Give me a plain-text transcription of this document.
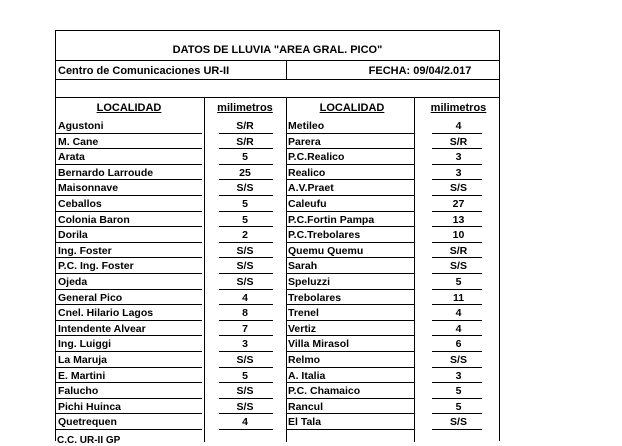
DATOS DE LLUVIA "AREA GRAL. PICO"
Centro de Comunicaciones UR-II	FECHA: 09/04/2.017
LOCALIDAD	milimetros	LOCALIDAD	milimetros
Agustoni	S/R	Metileo	4
M. Cane	S/R	Parera	S/R
Arata	5	P.C.Realico	3
Bernardo Larroude	25	Realico	3
Maisonnave	S/S	A.V.Praet	S/S
Ceballos	5	Caleufu	27
Colonia Baron	5	P.C.Fortin Pampa	13
Dorila	2	P.C.Trebolares	10
Ing. Foster	S/S	Quemu Quemu	S/R
P.C. Ing. Foster	S/S	Sarah	S/S
Ojeda	S/S	Speluzzi	5
General Pico	4	Trebolares	11
Cnel. Hilario Lagos	8	Trenel	4
Intendente Alvear	7	Vertiz	4
Ing. Luiggi	3	Villa Mirasol	6
La Maruja	S/S	Relmo	S/S
E. Martini	5	A. Italia	3
Falucho	S/S	P.C. Chamaico	5
Pichi Huinca	S/S	Rancul	5
Quetrequen	4	El Tala	S/S
C.C. UR-II GP
